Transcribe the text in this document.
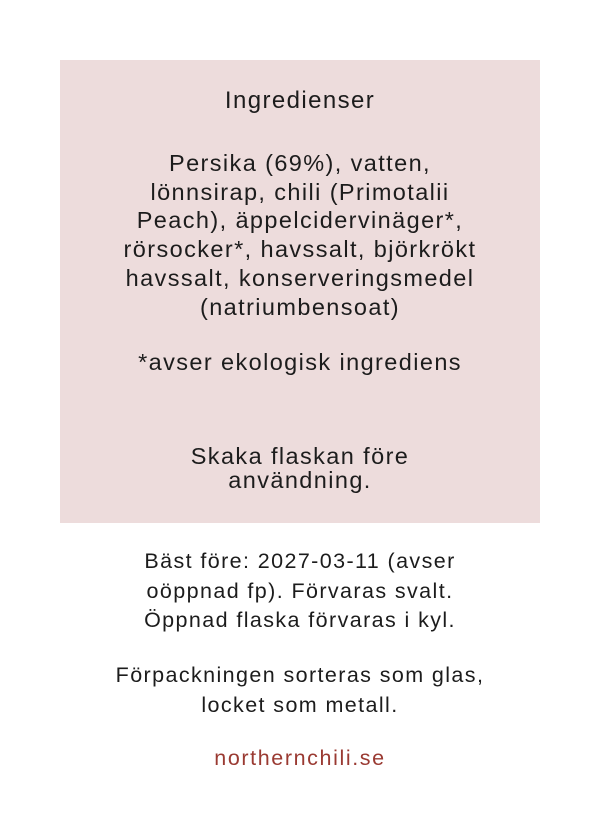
Ingredienser
Persika (69%), vatten,
lönnsirap, chili (Primotalii
Peach), äppelcidervinäger*,
rörsocker*, havssalt, björkrökt
havssalt, konserveringsmedel
(natriumbensoat)
*avser ekologisk ingrediens
Skaka flaskan före
användning.
Bäst före: 2027-03-11 (avser
oöppnad fp). Förvaras svalt.
Öppnad flaska förvaras i kyl.
Förpackningen sorteras som glas,
locket som metall.
northernchili.se
